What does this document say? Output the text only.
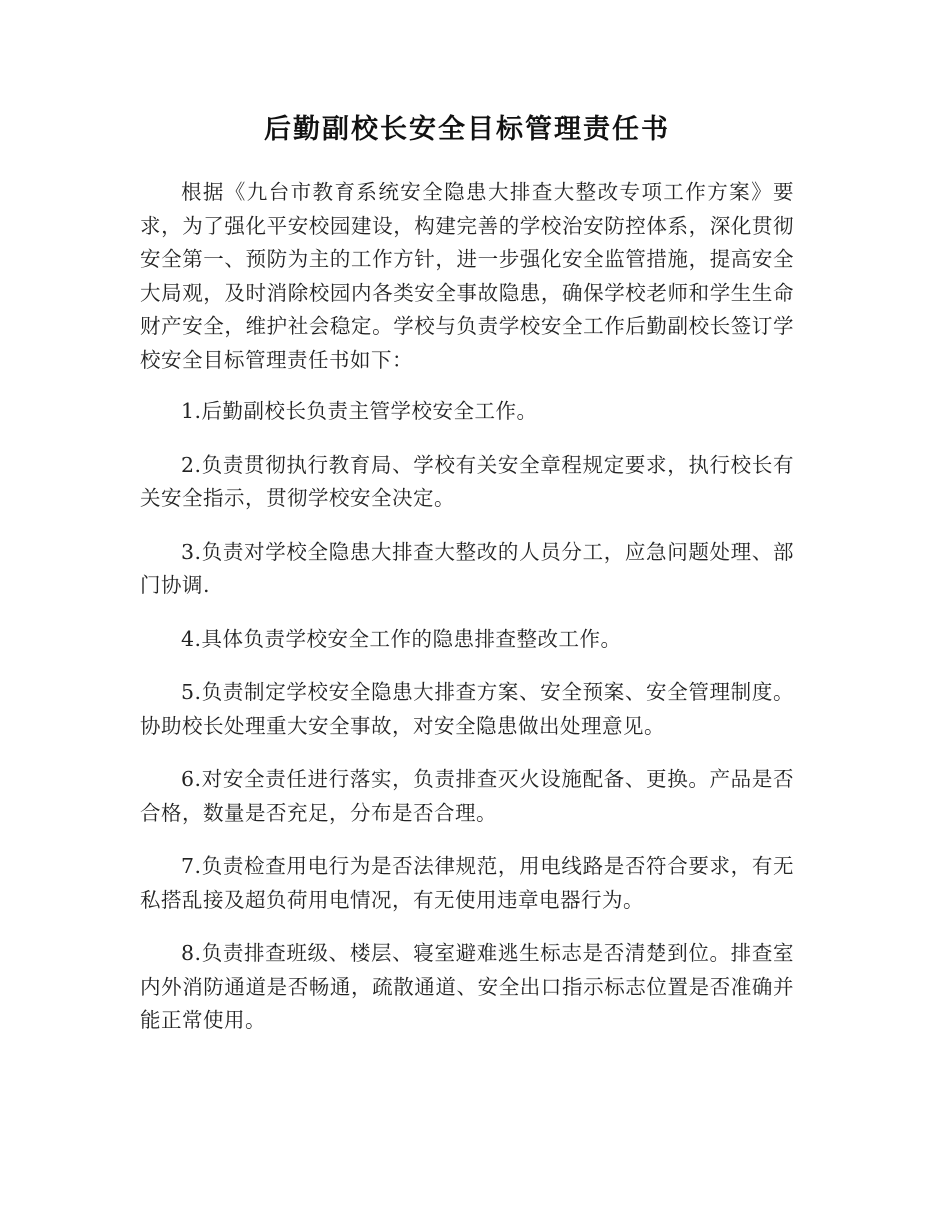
后勤副校长安全目标管理责任书

根据《九台市教育系统安全隐患大排查大整改专项工作方案》要求，为了强化平安校园建设，构建完善的学校治安防控体系，深化贯彻安全第一、预防为主的工作方针，进一步强化安全监管措施，提高安全大局观，及时消除校园内各类安全事故隐患，确保学校老师和学生生命财产安全，维护社会稳定。学校与负责学校安全工作后勤副校长签订学校安全目标管理责任书如下：

1.后勤副校长负责主管学校安全工作。

2.负责贯彻执行教育局、学校有关安全章程规定要求，执行校长有关安全指示，贯彻学校安全决定。

3.负责对学校全隐患大排查大整改的人员分工，应急问题处理、部门协调.

4.具体负责学校安全工作的隐患排查整改工作。

5.负责制定学校安全隐患大排查方案、安全预案、安全管理制度。协助校长处理重大安全事故，对安全隐患做出处理意见。

6.对安全责任进行落实，负责排查灭火设施配备、更换。产品是否合格，数量是否充足，分布是否合理。

7.负责检查用电行为是否法律规范，用电线路是否符合要求，有无私搭乱接及超负荷用电情况，有无使用违章电器行为。

8.负责排查班级、楼层、寝室避难逃生标志是否清楚到位。排查室内外消防通道是否畅通，疏散通道、安全出口指示标志位置是否准确并能正常使用。
